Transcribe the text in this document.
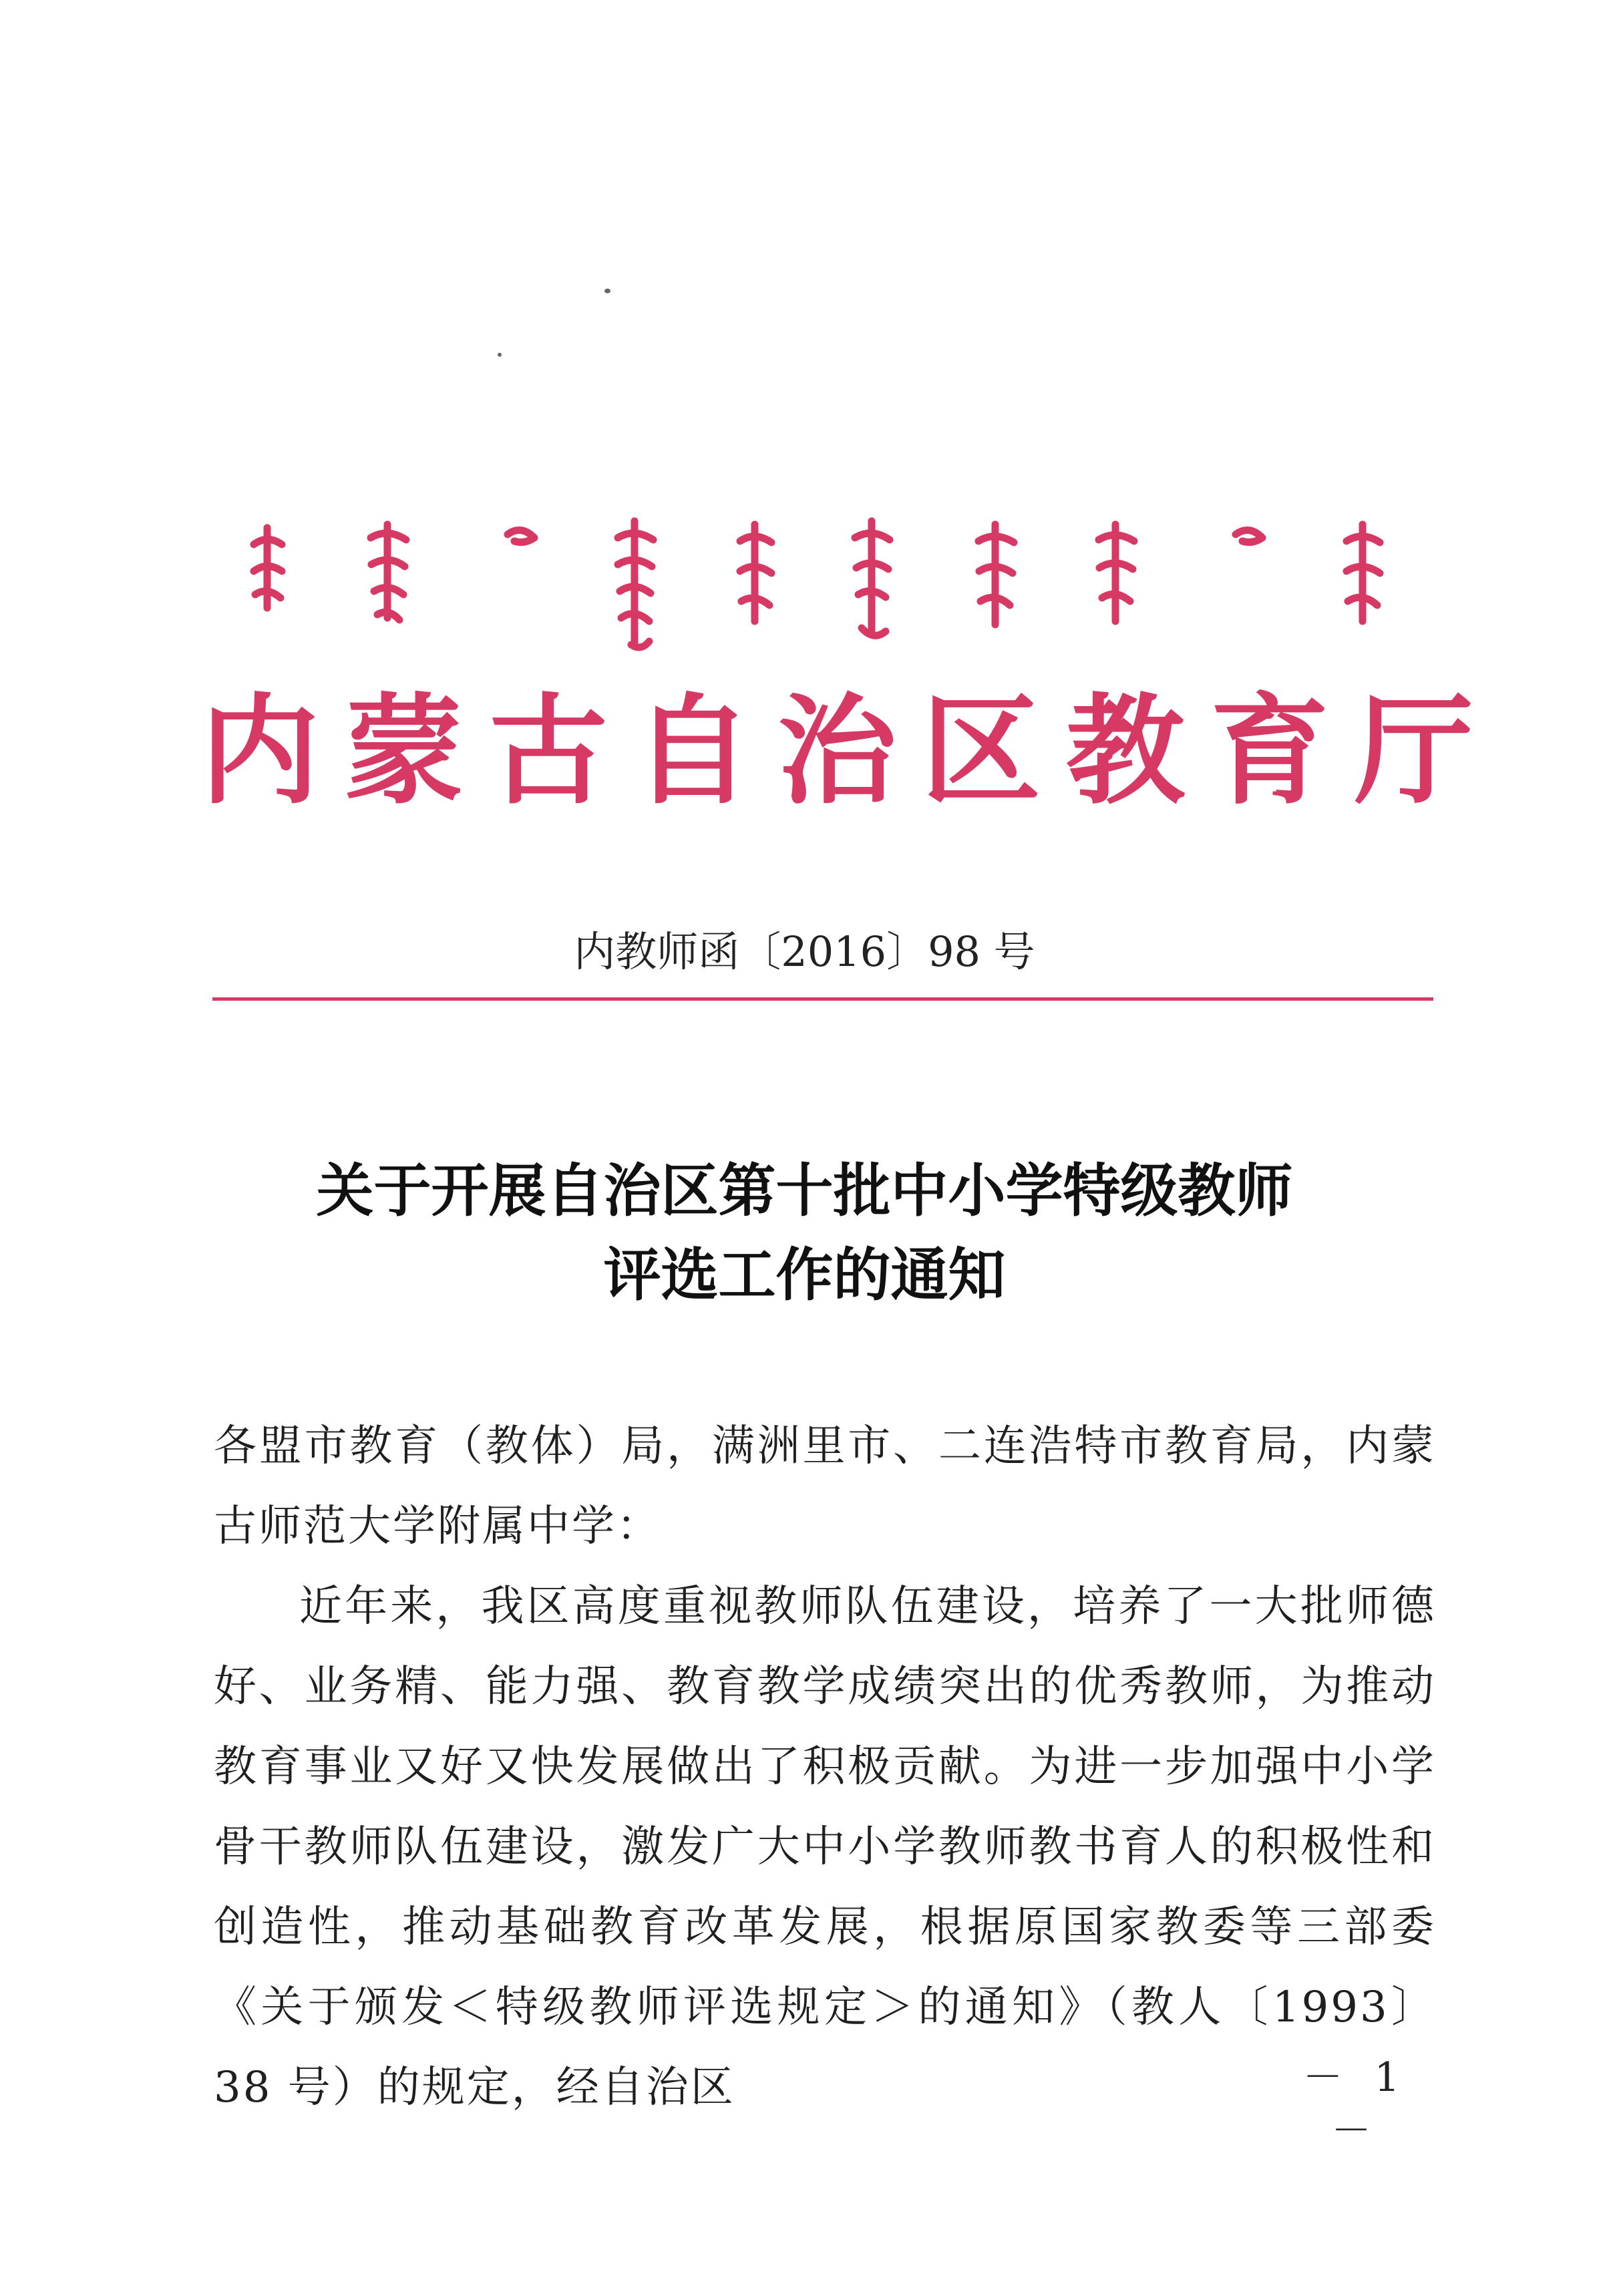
内蒙古自治区教育厅
内教师函〔2016〕98 号
关于开展自治区第十批中小学特级教师
评选工作的通知

各盟市教育（教体）局，满洲里市、二连浩特市教育局，内蒙古师范大学附属中学：

近年来，我区高度重视教师队伍建设，培养了一大批师德好、业务精、能力强、教育教学成绩突出的优秀教师，为推动教育事业又好又快发展做出了积极贡献。为进一步加强中小学骨干教师队伍建设，激发广大中小学教师教书育人的积极性和创造性，推动基础教育改革发展，根据原国家教委等三部委《关于颁发＜特级教师评选规定＞的通知》（教人〔1993〕38 号）的规定，经自治区	－ 1 －
